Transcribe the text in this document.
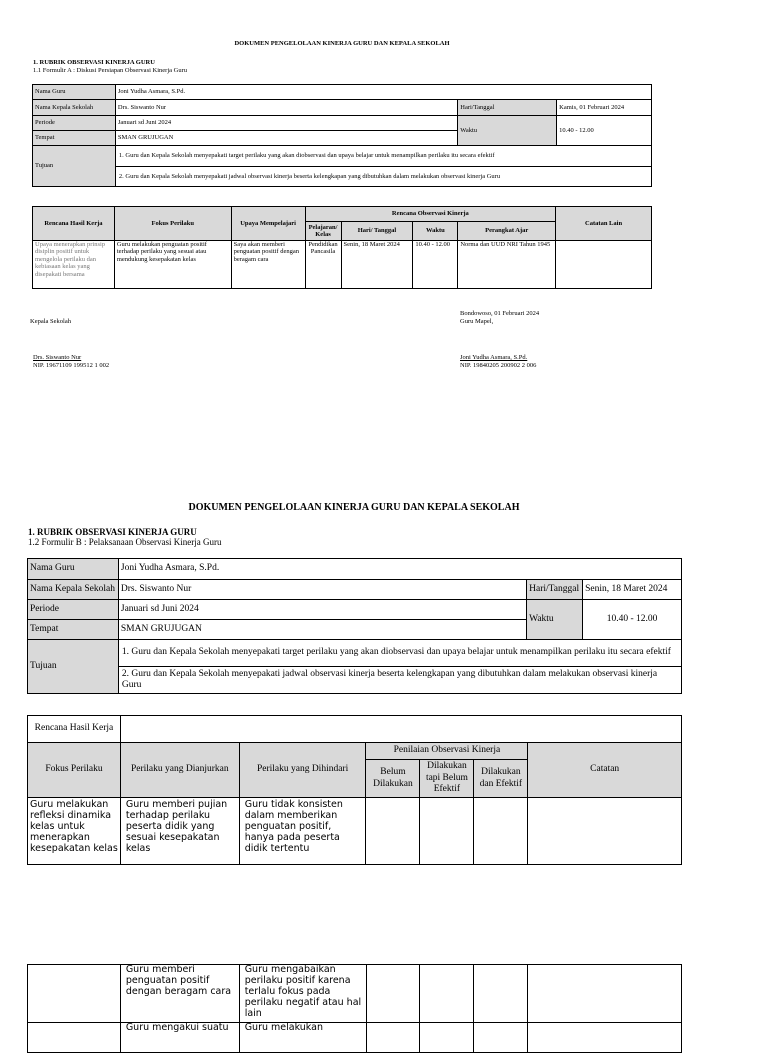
DOKUMEN PENGELOLAAN KINERJA GURU DAN KEPALA SEKOLAH
1. RUBRIK OBSERVASI KINERJA GURU
1.1 Formulir A : Diskusi Persiapan Observasi Kinerja Guru
Nama Guru	Joni Yudha Asmara, S.Pd.		
Nama Kepala Sekolah	Drs. Siswanto Nur	Hari/Tanggal	Kamis, 01 Februari 2024
Periode	Januari sd Juni 2024	Waktu	10.40 - 12.00
Tempat	SMAN GRUJUGAN		
Tujuan	1. Guru dan Kepala Sekolah menyepakati target perilaku yang akan diobservasi dan upaya belajar untuk menampilkan perilaku itu secara efektif		
	2. Guru dan Kepala Sekolah menyepakati jadwal observasi kinerja beserta kelengkapan yang dibutuhkan dalam melakukan observasi kinerja Guru		
Rencana Hasil Kerja	Fokus Perilaku	Upaya Mempelajari	Rencana Observasi Kinerja				Catatan Lain
			Pelajaran/ Kelas	Hari/ Tanggal	Waktu	Perangkat Ajar	
Upaya menerapkan prinsip disiplin positif untuk mengelola perilaku dan kebiasaan kelas yang disepakati bersama	Guru melakukan penguatan positif terhadap perilaku yang sesuai atau mendukung kesepakatan kelas	Saya akan memberi penguatan positif dengan beragam cara	Pendidikan Pancasila	Senin, 18 Maret 2024	10.40 - 12.00	Norma dan UUD NRI Tahun 1945	
Bondowoso, 01 Februari 2024
Guru Mapel,
Kepala Sekolah
Drs. Siswanto Nur
NIP. 19671109 199512 1 002
Joni Yudha Asmara, S.Pd.
NIP. 19840205 200902 2 006
DOKUMEN PENGELOLAAN KINERJA GURU DAN KEPALA SEKOLAH
1. RUBRIK OBSERVASI KINERJA GURU
1.2 Formulir B : Pelaksanaan Observasi Kinerja Guru
Nama Guru	Joni Yudha Asmara, S.Pd.		
Nama Kepala Sekolah	Drs. Siswanto Nur	Hari/Tanggal	Senin, 18 Maret 2024
Periode	Januari sd Juni 2024	Waktu	10.40 - 12.00
Tempat	SMAN GRUJUGAN		
Tujuan	1. Guru dan Kepala Sekolah menyepakati target perilaku yang akan diobservasi dan upaya belajar untuk menampilkan perilaku itu secara efektif		
	2. Guru dan Kepala Sekolah menyepakati jadwal observasi kinerja beserta kelengkapan yang dibutuhkan dalam melakukan observasi kinerja Guru		
Rencana Hasil Kerja						
Fokus Perilaku	Perilaku yang Dianjurkan	Perilaku yang Dihindari	Penilaian Observasi Kinerja			Catatan
			Belum Dilakukan	Dilakukan tapi Belum Efektif	Dilakukan dan Efektif	
Guru melakukan refleksi dinamika kelas untuk menerapkan kesepakatan kelas	Guru memberi pujian terhadap perilaku peserta didik yang sesuai kesepakatan kelas	Guru tidak konsisten dalam memberikan penguatan positif, hanya pada peserta didik tertentu				
	Guru memberi penguatan positif dengan beragam cara	Guru mengabaikan perilaku positif karena terlalu fokus pada perilaku negatif atau hal lain				
	Guru mengakui suatu	Guru melakukan				
